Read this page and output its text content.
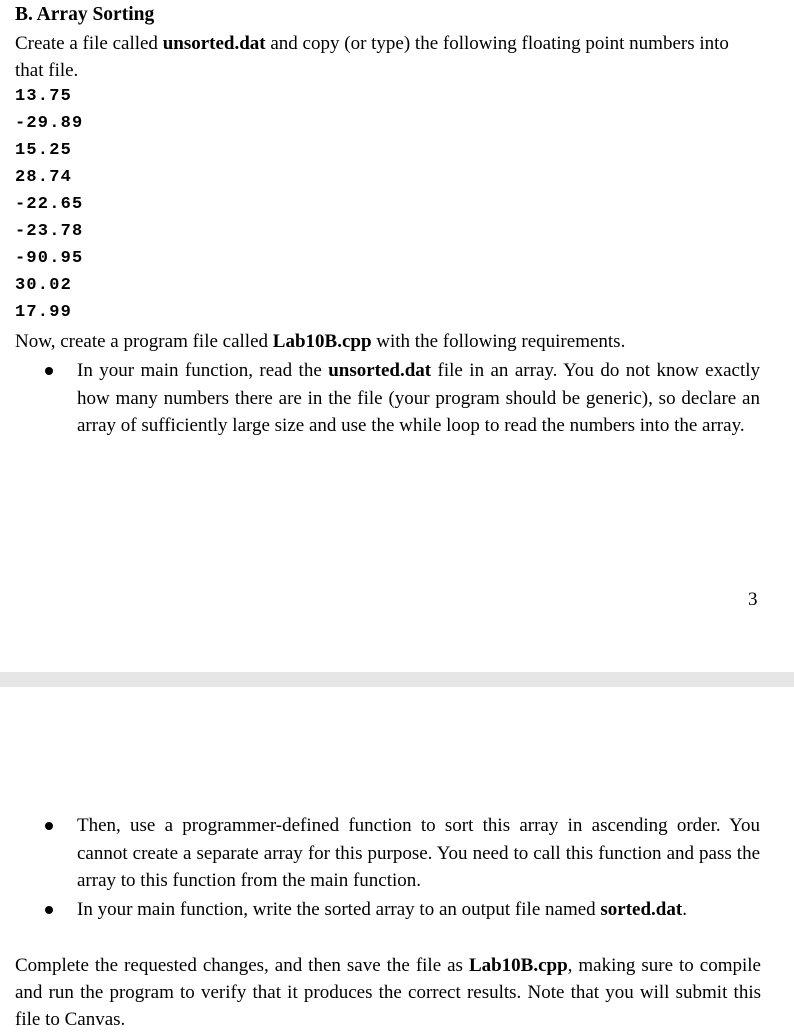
B. Array Sorting
Create a file called unsorted.dat and copy (or type) the following floating point numbers into that file.
13.75
-29.89
15.25
28.74
-22.65
-23.78
-90.95
30.02
17.99
Now, create a program file called Lab10B.cpp with the following requirements.
In your main function, read the unsorted.dat file in an array. You do not know exactly how many numbers there are in the file (your program should be generic), so declare an array of sufficiently large size and use the while loop to read the numbers into the array.
3
Then, use a programmer-defined function to sort this array in ascending order. You cannot create a separate array for this purpose. You need to call this function and pass the array to this function from the main function.
In your main function, write the sorted array to an output file named sorted.dat.
Complete the requested changes, and then save the file as Lab10B.cpp, making sure to compile and run the program to verify that it produces the correct results. Note that you will submit this file to Canvas.
